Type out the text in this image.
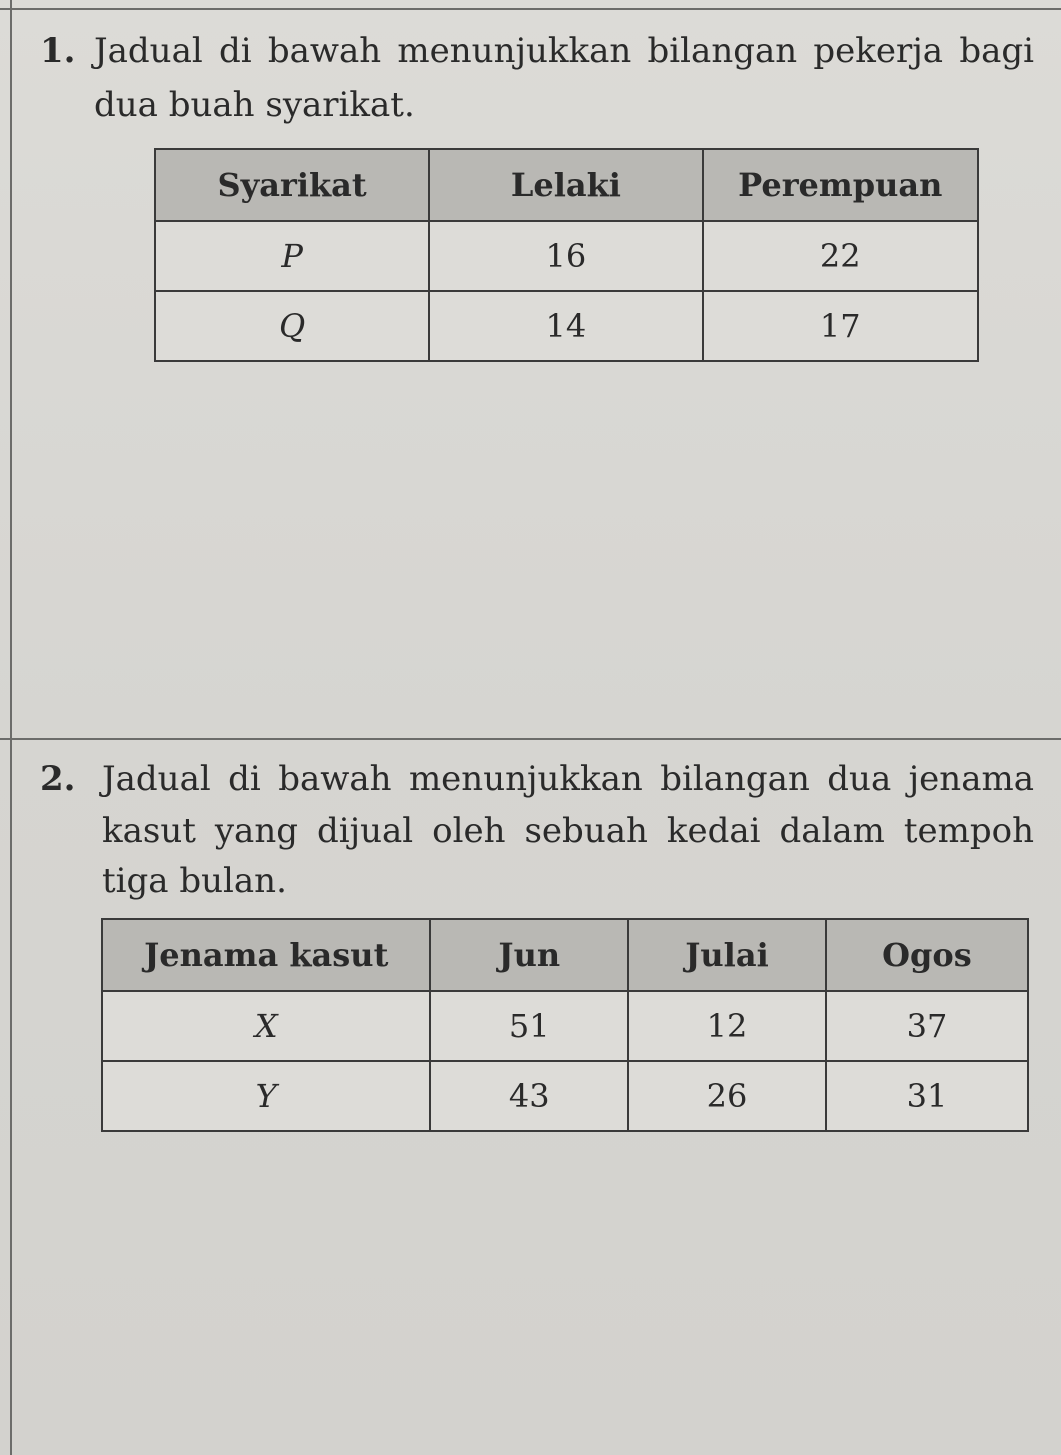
1. Jadual di bawah menunjukkan bilangan pekerja bagi
dua buah syarikat.
Syarikat	Lelaki	Perempuan
P	16	22
Q	14	17
2. Jadual di bawah menunjukkan bilangan dua jenama
kasut yang dijual oleh sebuah kedai dalam tempoh
tiga bulan.
Jenama kasut	Jun	Julai	Ogos
X	51	12	37
Y	43	26	31
